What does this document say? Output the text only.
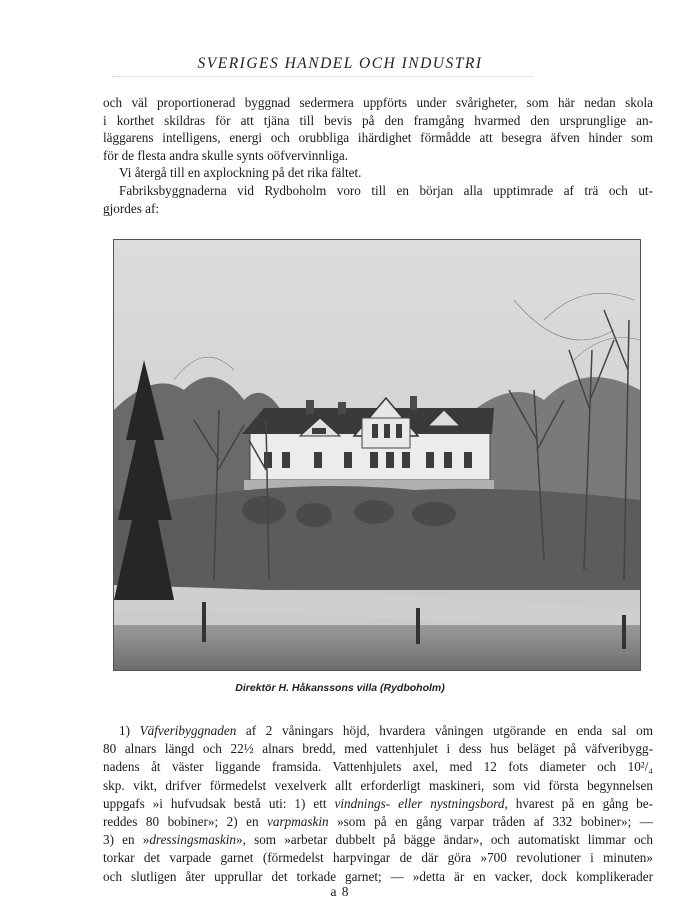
SVERIGES HANDEL OCH INDUSTRI
och väl proportionerad byggnad sedermera uppförts under svårigheter, som här nedan skola
i korthet skildras för att tjäna till bevis på den framgång hvarmed den ursprunglige an-
läggarens intelligens, energi och orubbliga ihärdighet förmådde att besegra äfven hinder som
för de flesta andra skulle synts oöfvervinnliga.
Vi återgå till en axplockning på det rika fältet.
Fabriksbyggnaderna vid Rydboholm voro till en början alla upptimrade af trä och ut-
gjordes af:
Direktör H. Håkanssons villa (Rydboholm)
1) Väfveribyggnaden af 2 våningars höjd, hvardera våningen utgörande en enda sal om
80 alnars längd och 22½ alnars bredd, med vattenhjulet i dess hus beläget på väfveribygg-
nadens åt väster liggande framsida. Vattenhjulets axel, med 12 fots diameter och 10²/₄
skp. vikt, drifver förmedelst vexelverk allt erforderligt maskineri, som vid första begynnelsen
uppgafs »i hufvudsak bestå uti: 1) ett vindnings- eller nystningsbord, hvarest på en gång be-
reddes 80 bobiner»; 2) en varpmaskin »som på en gång varpar tråden af 332 bobiner»; —
3) en »dressingsmaskin», som »arbetar dubbelt på bägge ändar», och automatiskt limmar och
torkar det varpade garnet (förmedelst harpvingar de där göra »700 revolutioner i minuten»
och slutligen åter upprullar det torkade garnet; — »detta är en vacker, dock komplikerader
a 8
